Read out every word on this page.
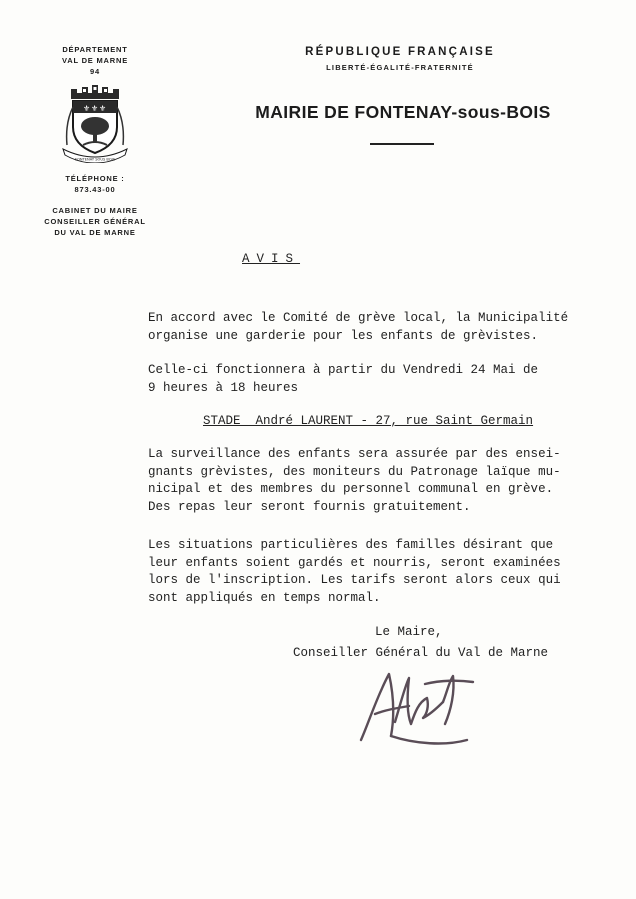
DÉPARTEMENT
VAL DE MARNE
94
⚜ ⚜ ⚜
FONTENAY SOUS BOIS
TÉLÉPHONE :
873.43-00
CABINET DU MAIRE
CONSEILLER GÉNÉRAL
DU VAL DE MARNE
RÉPUBLIQUE FRANÇAISE
LIBERTÉ-ÉGALITÉ-FRATERNITÉ
MAIRIE DE FONTENAY-sous-BOIS
AVIS
En accord avec le Comité de grève local, la Municipalité
organise une garderie pour les enfants de grèvistes.
Celle-ci fonctionnera à partir du Vendredi 24 Mai de
9 heures à 18 heures
STADE  André LAURENT - 27, rue Saint Germain
La surveillance des enfants sera assurée par des ensei-
gnants grèvistes, des moniteurs du Patronage laïque mu-
nicipal et des membres du personnel communal en grève.
Des repas leur seront fournis gratuitement.
Les situations particulières des familles désirant que
leur enfants soient gardés et nourris, seront examinées
lors de l'inscription. Les tarifs seront alors ceux qui
sont appliqués en temps normal.
Le Maire,
Conseiller Général du Val de Marne
